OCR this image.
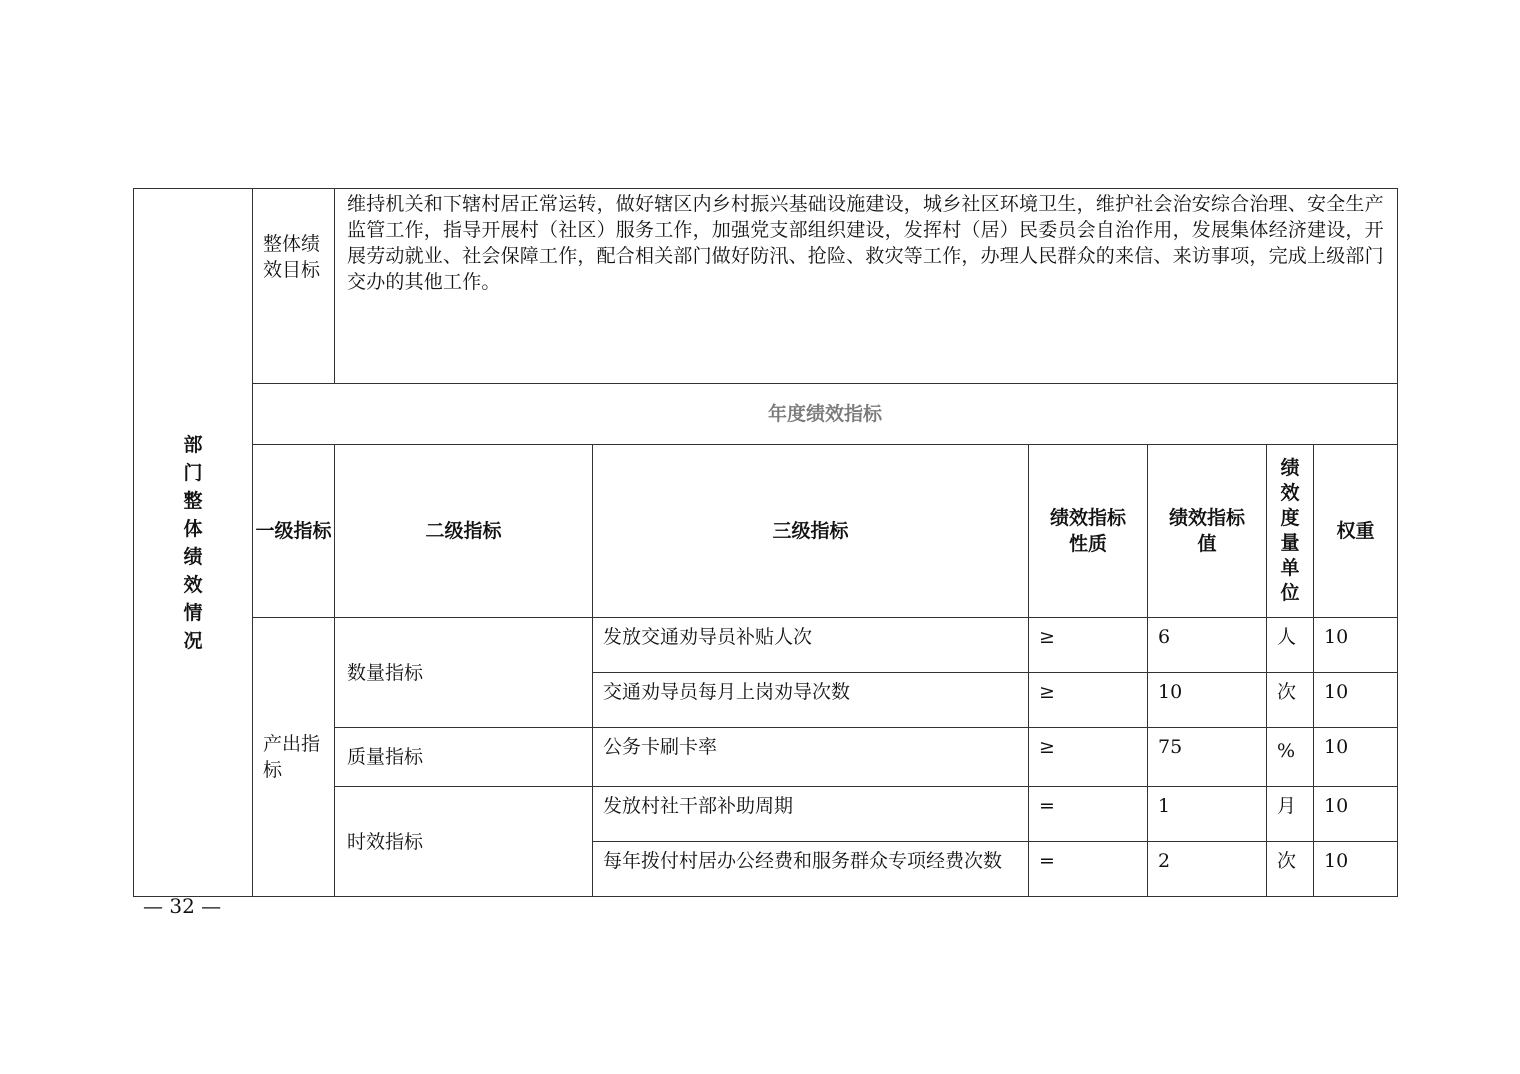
部门整体绩效情况	整体绩效目标	维持机关和下辖村居正常运转，做好辖区内乡村振兴基础设施建设，城乡社区环境卫生，维护社会治安综合治理、安全生产监管工作，指导开展村（社区）服务工作，加强党支部组织建设，发挥村（居）民委员会自治作用，发展集体经济建设，开展劳动就业、社会保障工作，配合相关部门做好防汛、抢险、救灾等工作，办理人民群众的来信、来访事项，完成上级部门交办的其他工作。					
	年度绩效指标						
	一级指标	二级指标	三级指标	绩效指标性质	绩效指标值	绩效度量单位	权重
	产出指标	数量指标	发放交通劝导员补贴人次	≥	6	人	10
			交通劝导员每月上岗劝导次数	≥	10	次	10
		质量指标	公务卡刷卡率	≥	75	%	10
		时效指标	发放村社干部补助周期	=	1	月	10
			每年拨付村居办公经费和服务群众专项经费次数	=	2	次	10
— 32 —
